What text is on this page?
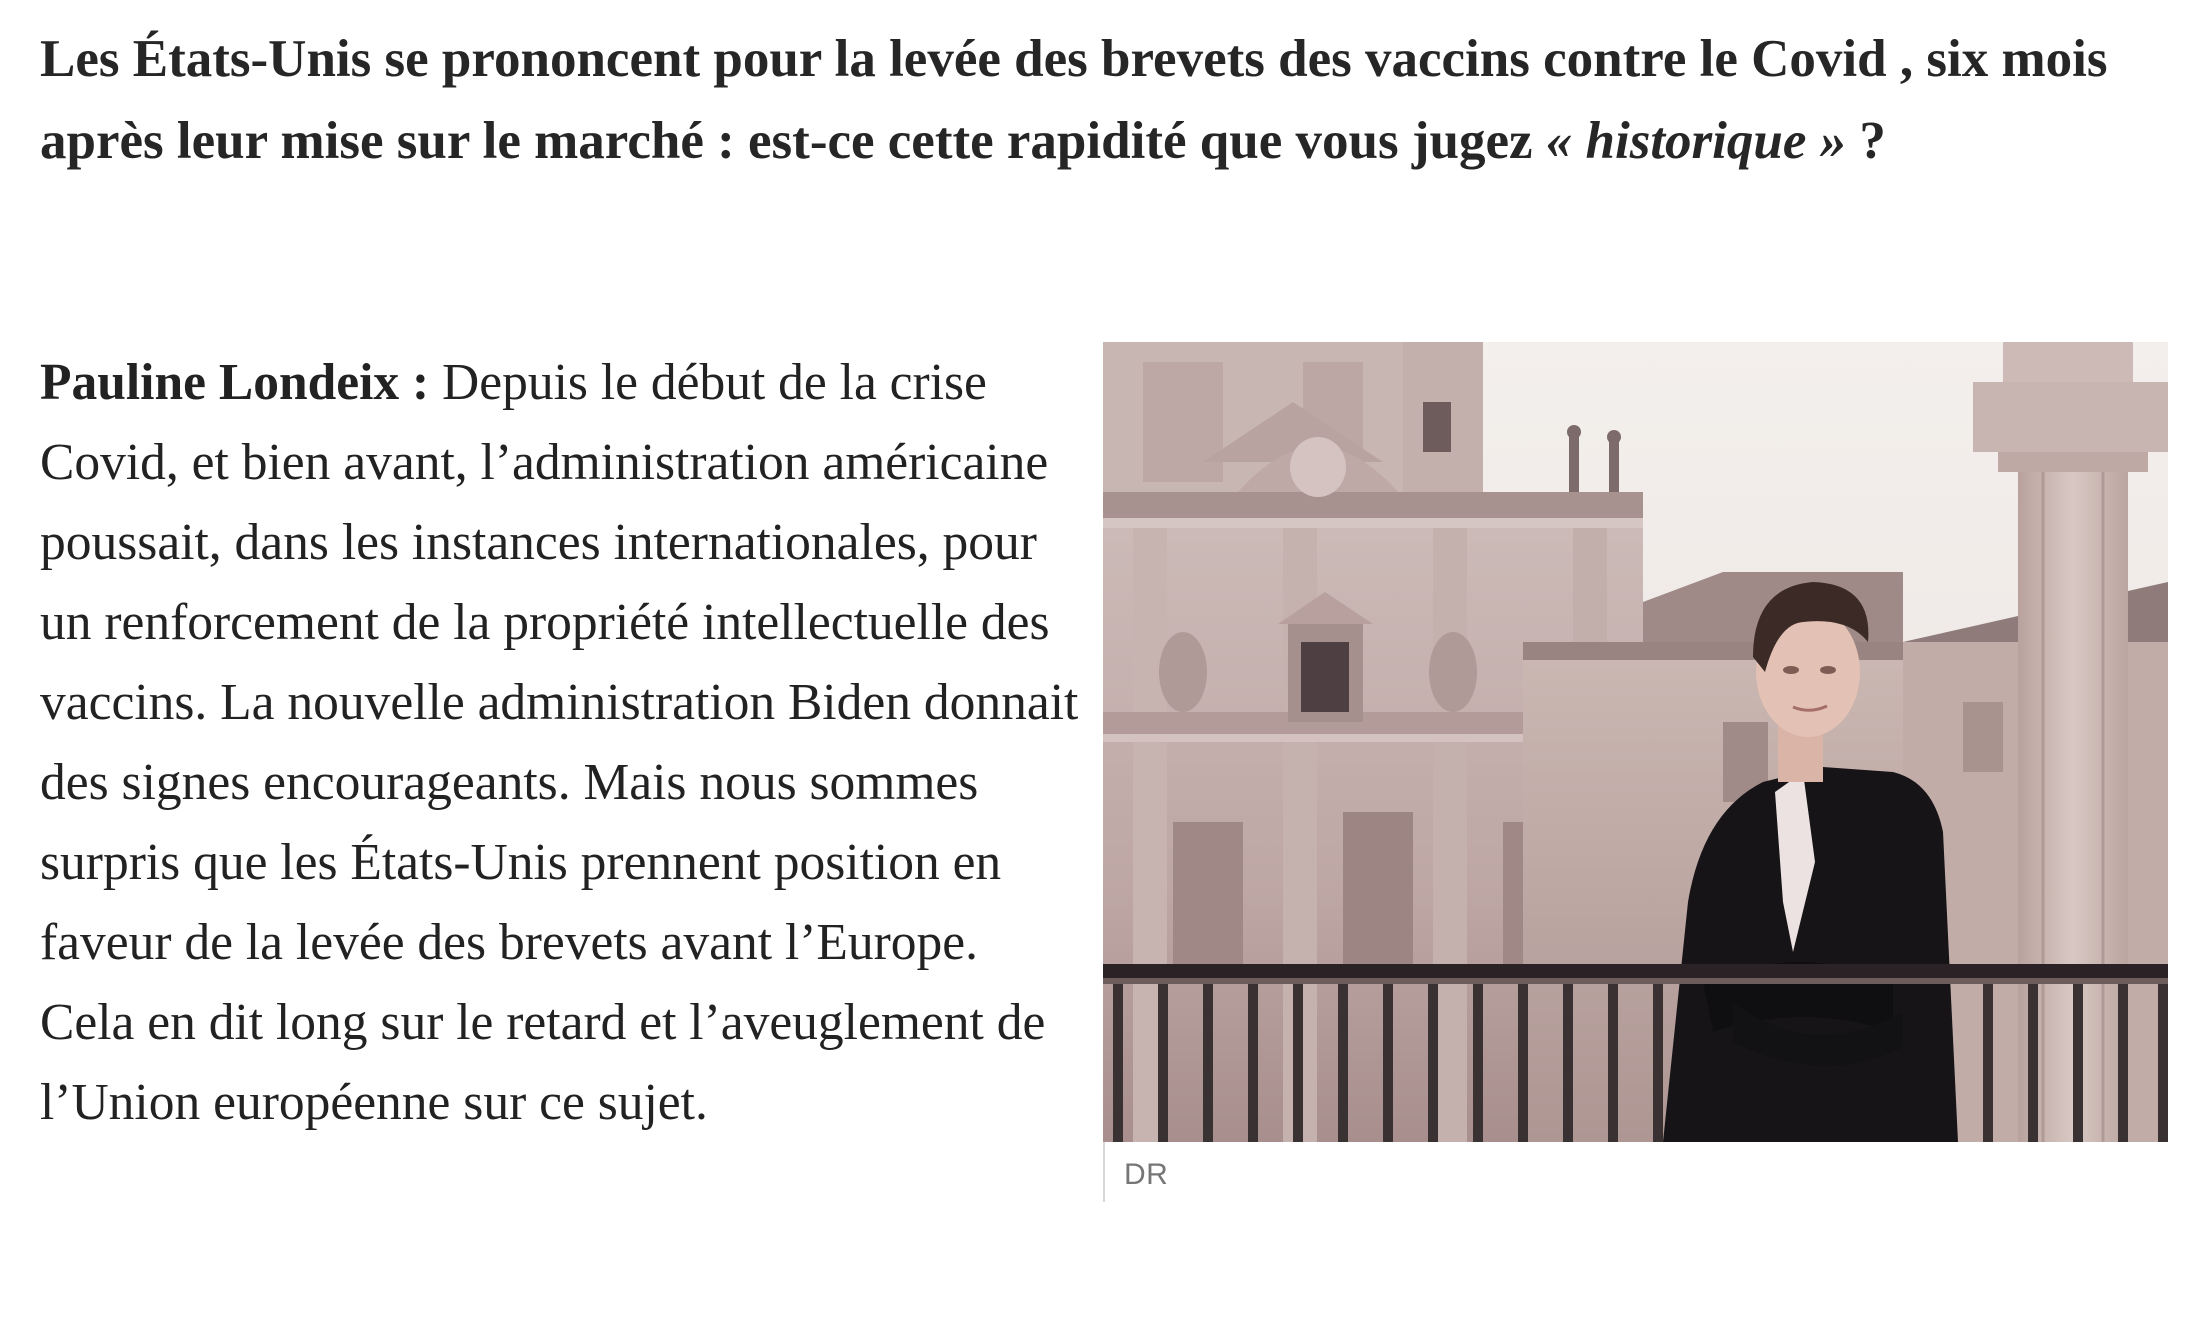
Les États-Unis se prononcent pour la levée des brevets des vaccins contre le Covid , six mois après leur mise sur le marché : est-ce cette rapidité que vous jugez « historique » ?

Pauline Londeix : Depuis le début de la crise Covid, et bien avant, l’administration américaine poussait, dans les instances internationales, pour un renforcement de la propriété intellectuelle des vaccins. La nouvelle administration Biden donnait des signes encourageants. Mais nous sommes surpris que les États-Unis prennent position en faveur de la levée des brevets avant l’Europe. Cela en dit long sur le retard et l’aveuglement de l’Union européenne sur ce sujet.

DR
